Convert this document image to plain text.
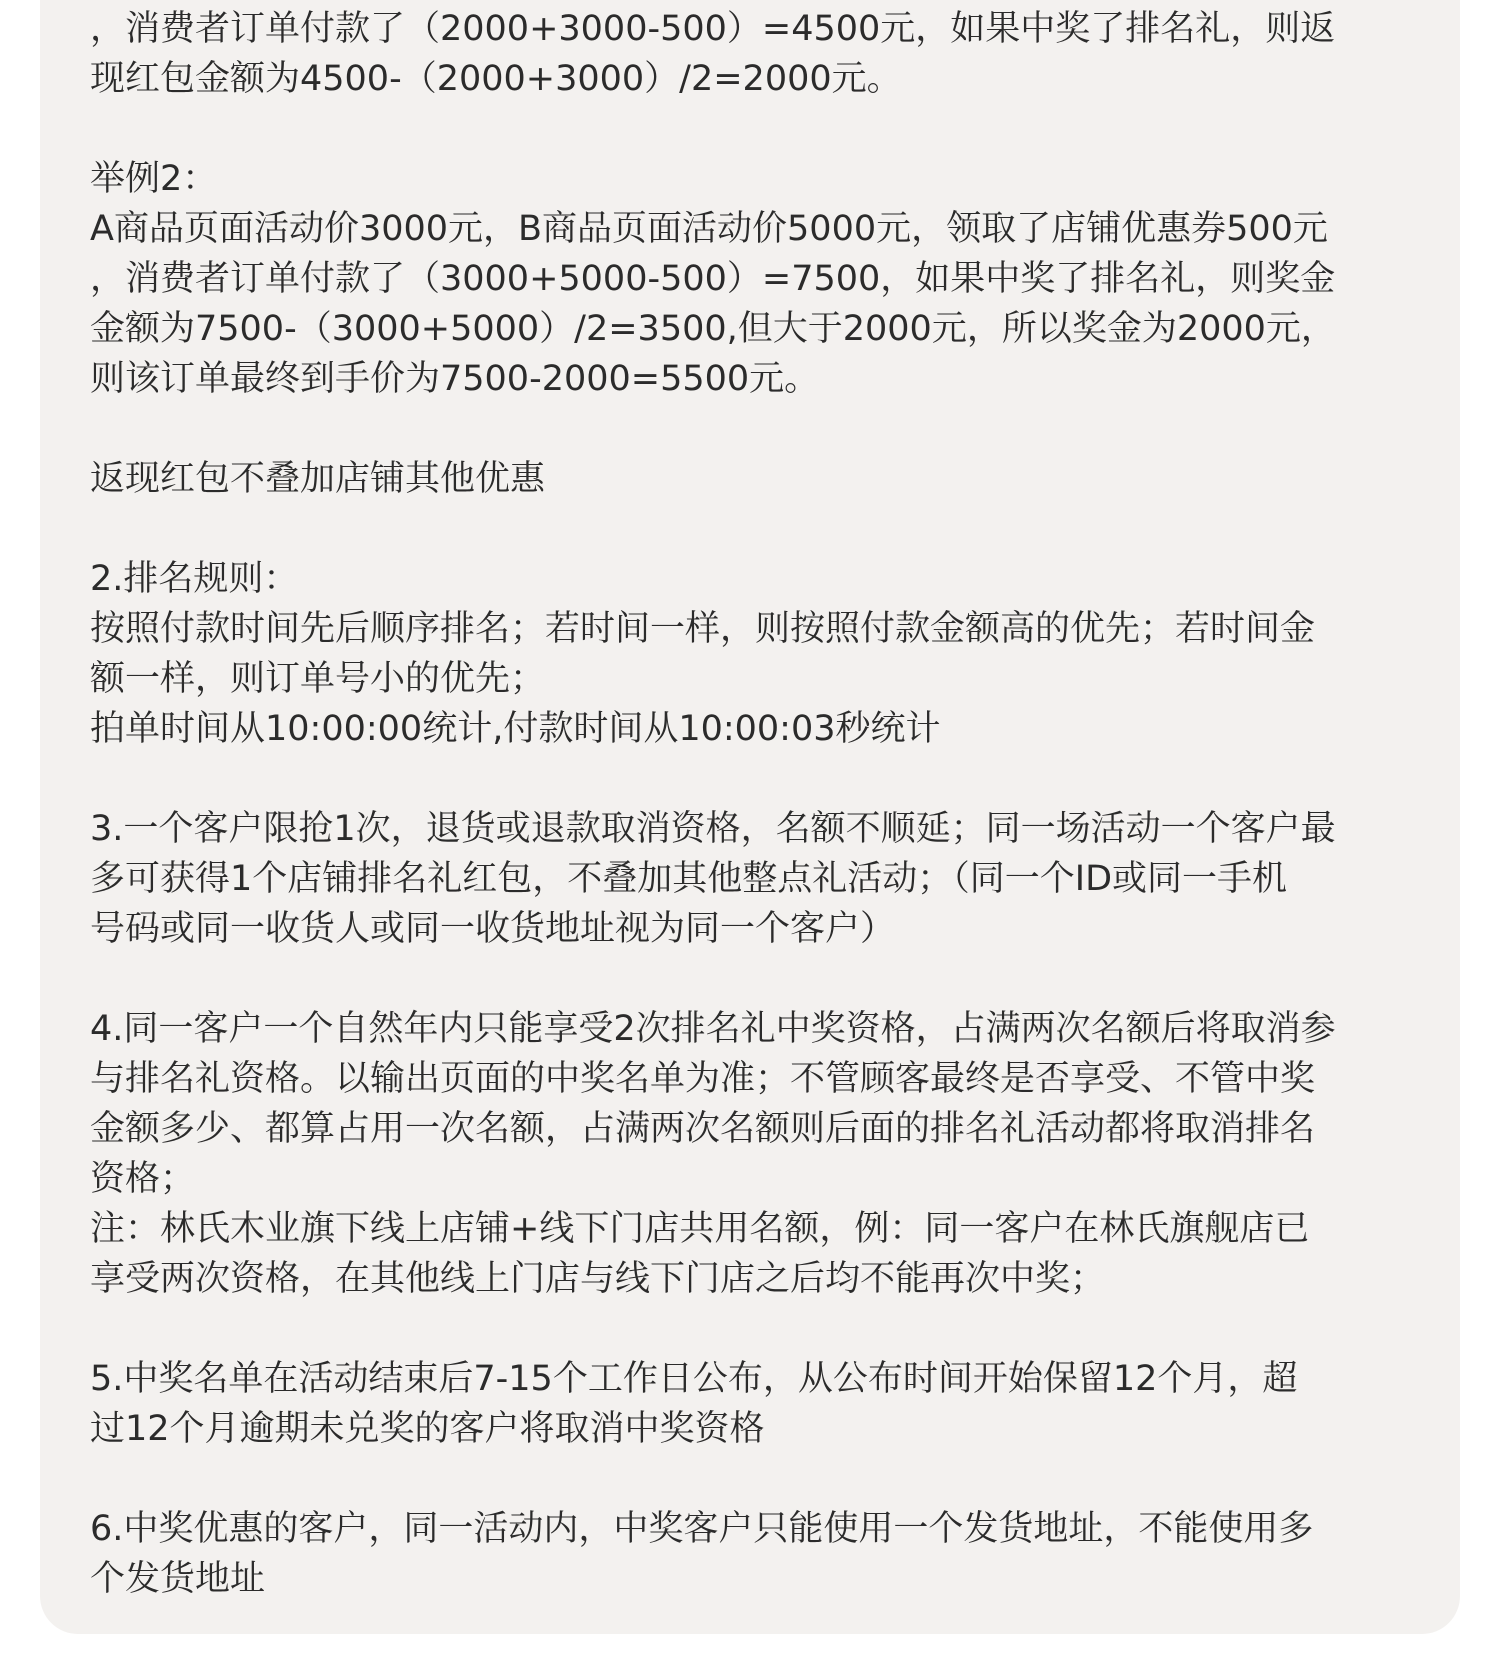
，消费者订单付款了（2000+3000-500）=4500元，如果中奖了排名礼，则返
现红包金额为4500-（2000+3000）/2=2000元。
举例2：
A商品页面活动价3000元，B商品页面活动价5000元，领取了店铺优惠券500元
，消费者订单付款了（3000+5000-500）=7500，如果中奖了排名礼，则奖金
金额为7500-（3000+5000）/2=3500,但大于2000元，所以奖金为2000元，
则该订单最终到手价为7500-2000=5500元。
返现红包不叠加店铺其他优惠
2.排名规则：
按照付款时间先后顺序排名；若时间一样，则按照付款金额高的优先；若时间金
额一样，则订单号小的优先；
拍单时间从10:00:00统计,付款时间从10:00:03秒统计
3.一个客户限抢1次，退货或退款取消资格，名额不顺延；同一场活动一个客户最
多可获得1个店铺排名礼红包，不叠加其他整点礼活动；（同一个ID或同一手机
号码或同一收货人或同一收货地址视为同一个客户）
4.同一客户一个自然年内只能享受2次排名礼中奖资格，占满两次名额后将取消参
与排名礼资格。以输出页面的中奖名单为准；不管顾客最终是否享受、不管中奖
金额多少、都算占用一次名额，占满两次名额则后面的排名礼活动都将取消排名
资格；
注：林氏木业旗下线上店铺+线下门店共用名额，例：同一客户在林氏旗舰店已
享受两次资格，在其他线上门店与线下门店之后均不能再次中奖；
5.中奖名单在活动结束后7-15个工作日公布，从公布时间开始保留12个月，超
过12个月逾期未兑奖的客户将取消中奖资格
6.中奖优惠的客户，同一活动内，中奖客户只能使用一个发货地址，不能使用多
个发货地址
